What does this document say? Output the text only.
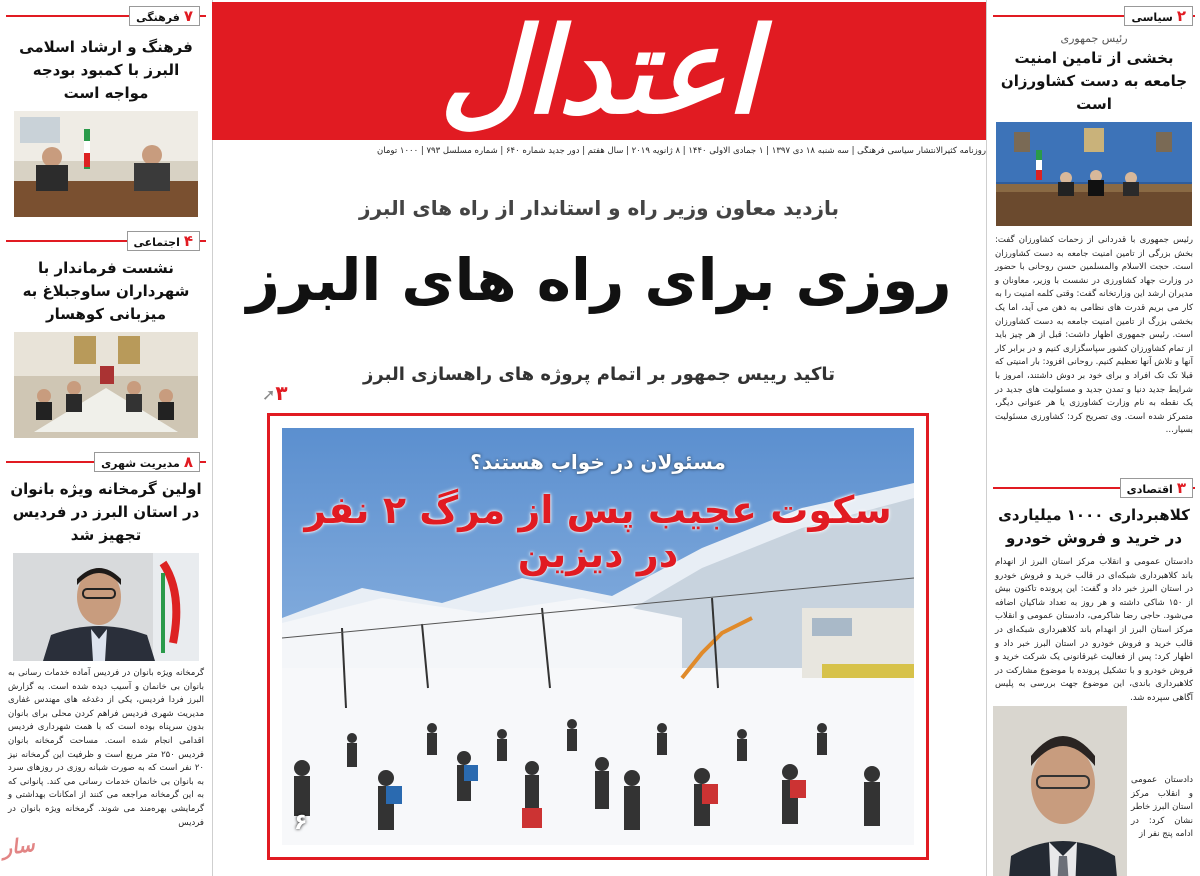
۲سیاسی
رئیس جمهوری
بخشی از تامین امنیت جامعه به دست کشاورزان است
رئیس جمهوری با قدردانی از زحمات کشاورزان گفت: بخش بزرگی از تامین امنیت جامعه به دست کشاورزان است. حجت الاسلام والمسلمین حسن روحانی با حضور در وزارت جهاد کشاورزی در نشست با وزیر، معاونان و مدیران ارشد این وزارتخانه گفت: وقتی کلمه امنیت را به کار می بریم قدرت های نظامی به ذهن می آید، اما یک بخشی بزرگ از تامین امنیت جامعه به دست کشاورزان است. رئیس جمهوری اظهار داشت: قبل از هر چیز باید از تمام کشاورزان کشور سپاسگزاری کنیم و در برابر کار آنها و تلاش آنها تعظیم کنیم. روحانی افزود: بار امنیتی که قبلا تک تک افراد و برای خود بر دوش داشتند، امروز با شرایط جدید دنیا و تمدن جدید و مسئولیت های جدید در یک نقطه به نام وزارت کشاورزی یا هر عنوانی دیگر، متمرکز شده است. وی تصریح کرد: کشاورزی مسئولیت بسیار...
۳اقتصادی
کلاهبرداری ۱۰۰۰ میلیاردی در خرید و فروش خودرو
دادستان عمومی و انقلاب مرکز استان البرز از انهدام باند کلاهبرداری شبکه‌ای در قالب خرید و فروش خودرو در استان البرز خبر داد و گفت: این پرونده تاکنون بیش از ۱۵۰ شاکی داشته و هر روز به تعداد شاکیان اضافه می‌شود. حاجی رضا شاکرمی، دادستان عمومی و انقلاب مرکز استان البرز از انهدام باند کلاهبرداری شبکه‌ای در قالب خرید و فروش خودرو در استان البرز خبر داد و اظهار کرد: پس از فعالیت غیرقانونی یک شرکت خرید و فروش خودرو و با تشکیل پرونده با موضوع مشارکت در کلاهبرداری باندی، این موضوع جهت بررسی به پلیس آگاهی سپرده شد.
دادستان عمومی و انقلاب مرکز استان البرز خاطر نشان کرد: در ادامه پنج نفر از
۷فرهنگی
فرهنگ و ارشاد اسلامی البرز با کمبود بودجه مواجه است
۴اجتماعی
نشست فرماندار با شهرداران ساوجبلاغ به میزبانی کوهسار
۸مدیریت شهری
اولین گرمخانه ویژه بانوان در استان البرز در فردیس تجهیز شد
گرمخانه ویژه بانوان در فردیس آماده خدمات رسانی به بانوان بی خانمان و آسیب دیده شده است. به گزارش البرز فردا فردیس، یکی از دغدغه های مهندس غفاری مدیریت شهری فردیس فراهم کردن محلی برای بانوان بدون سرپناه بوده است که با همت شهرداری فردیس اقدامی انجام شده است. مساحت گرمخانه بانوان فردیس ۲۵۰ متر مربع است و ظرفیت این گرمخانه نیز ۲۰ نفر است که به صورت شبانه روزی در روزهای سرد به بانوان بی خانمان خدمات رسانی می کند. پانوانی که به این گرمخانه مراجعه می کنند از امکانات بهداشتی و گرمایشی بهره‌مند می شوند. گرمخانه ویژه بانوان در فردیس
سار
اعتدال
روزنامه کثیرالانتشار سیاسی فرهنگی | سه شنبه ۱۸ دی ۱۳۹۷ | ۱ جمادی الاولی ۱۴۴۰ | ۸ ژانویه ۲۰۱۹ | سال هفتم | دور جدید شماره ۶۴۰ | شماره مسلسل ۷۹۳ | ۱۰۰۰ تومان
بازدید معاون وزیر راه و استاندار از راه های البرز
روزی برای راه های البرز
تاکید رییس جمهور بر اتمام پروژه های راهسازی البرز
➚۳
مسئولان در خواب هستند؟
سکوت عجیب پس از مرگ ۲ نفر در دیزین
۶
